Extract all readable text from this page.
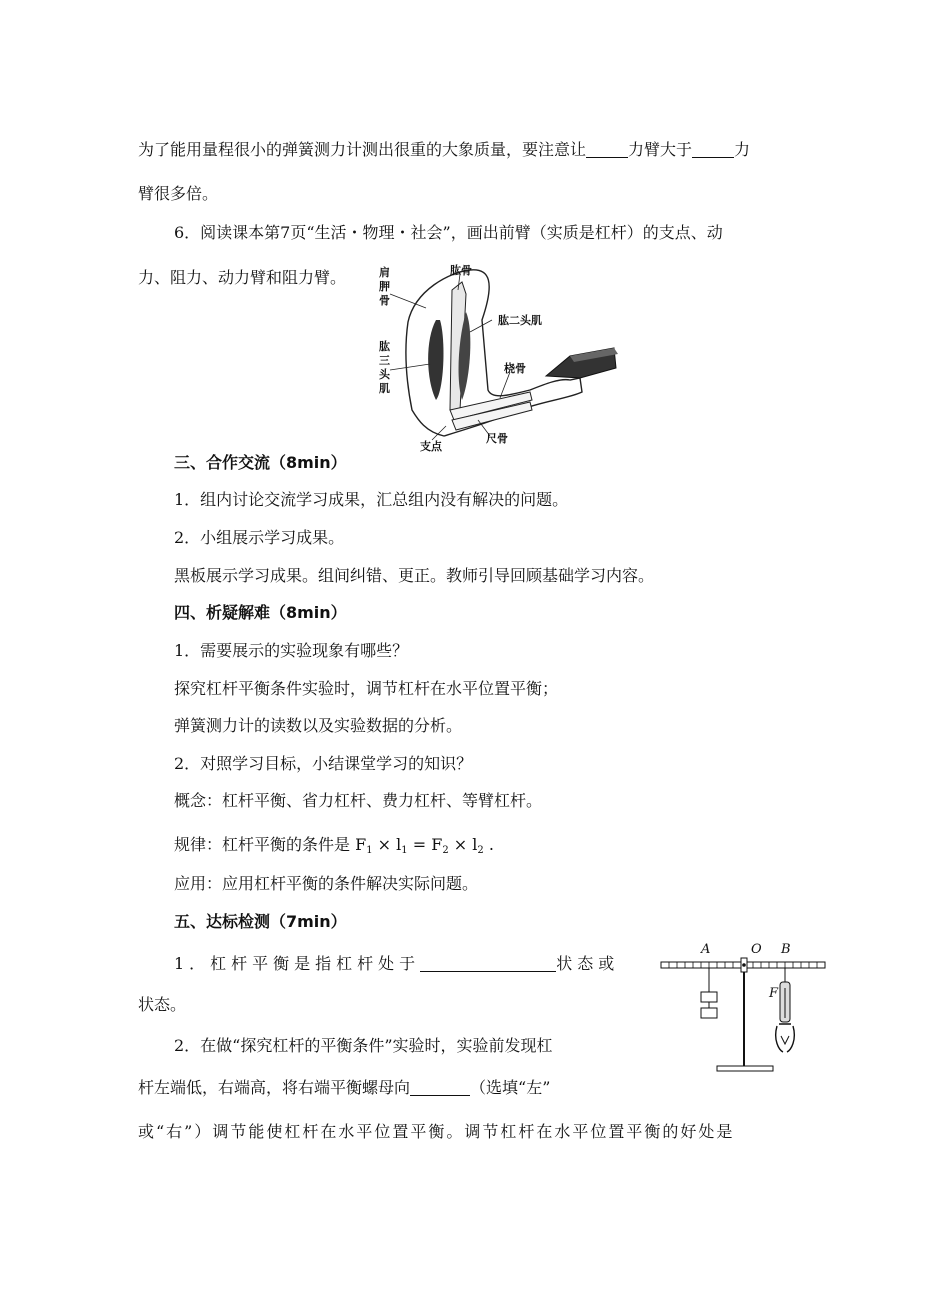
为了能用量程很小的弹簧测力计测出很重的大象质量，要注意让	力臂大于	力
臂很多倍。
6．阅读课本第7页“生活・物理・社会”，画出前臂（实质是杠杆）的支点、动
力、阻力、动力臂和阻力臂。	肩胛骨
肱骨
肱二头肌
肱三头肌
桡骨
支点
尺骨
三、合作交流（8min）
1．组内讨论交流学习成果，汇总组内没有解决的问题。
2．小组展示学习成果。
黑板展示学习成果。组间纠错、更正。教师引导回顾基础学习内容。
四、析疑解难（8min）
1．需要展示的实验现象有哪些？
探究杠杆平衡条件实验时，调节杠杆在水平位置平衡；
弹簧测力计的读数以及实验数据的分析。
2．对照学习目标，小结课堂学习的知识？
概念：杠杆平衡、省力杠杆、费力杠杆、等臂杠杆。
规律：杠杆平衡的条件是 $F_1 \times l_1 = F_2 \times l_2$ .
应用：应用杠杆平衡的条件解决实际问题。
五、达标检测（7min）
1．杠杆平衡是指杠杆处于	状态或
状态。
2．在做“探究杠杆的平衡条件”实验时，实验前发现杠
杆左端低，右端高，将右端平衡螺母向	（选填“左”
或“右”）调节能使杠杆在水平位置平衡。调节杠杆在水平位置平衡的好处是
A	O B
F
